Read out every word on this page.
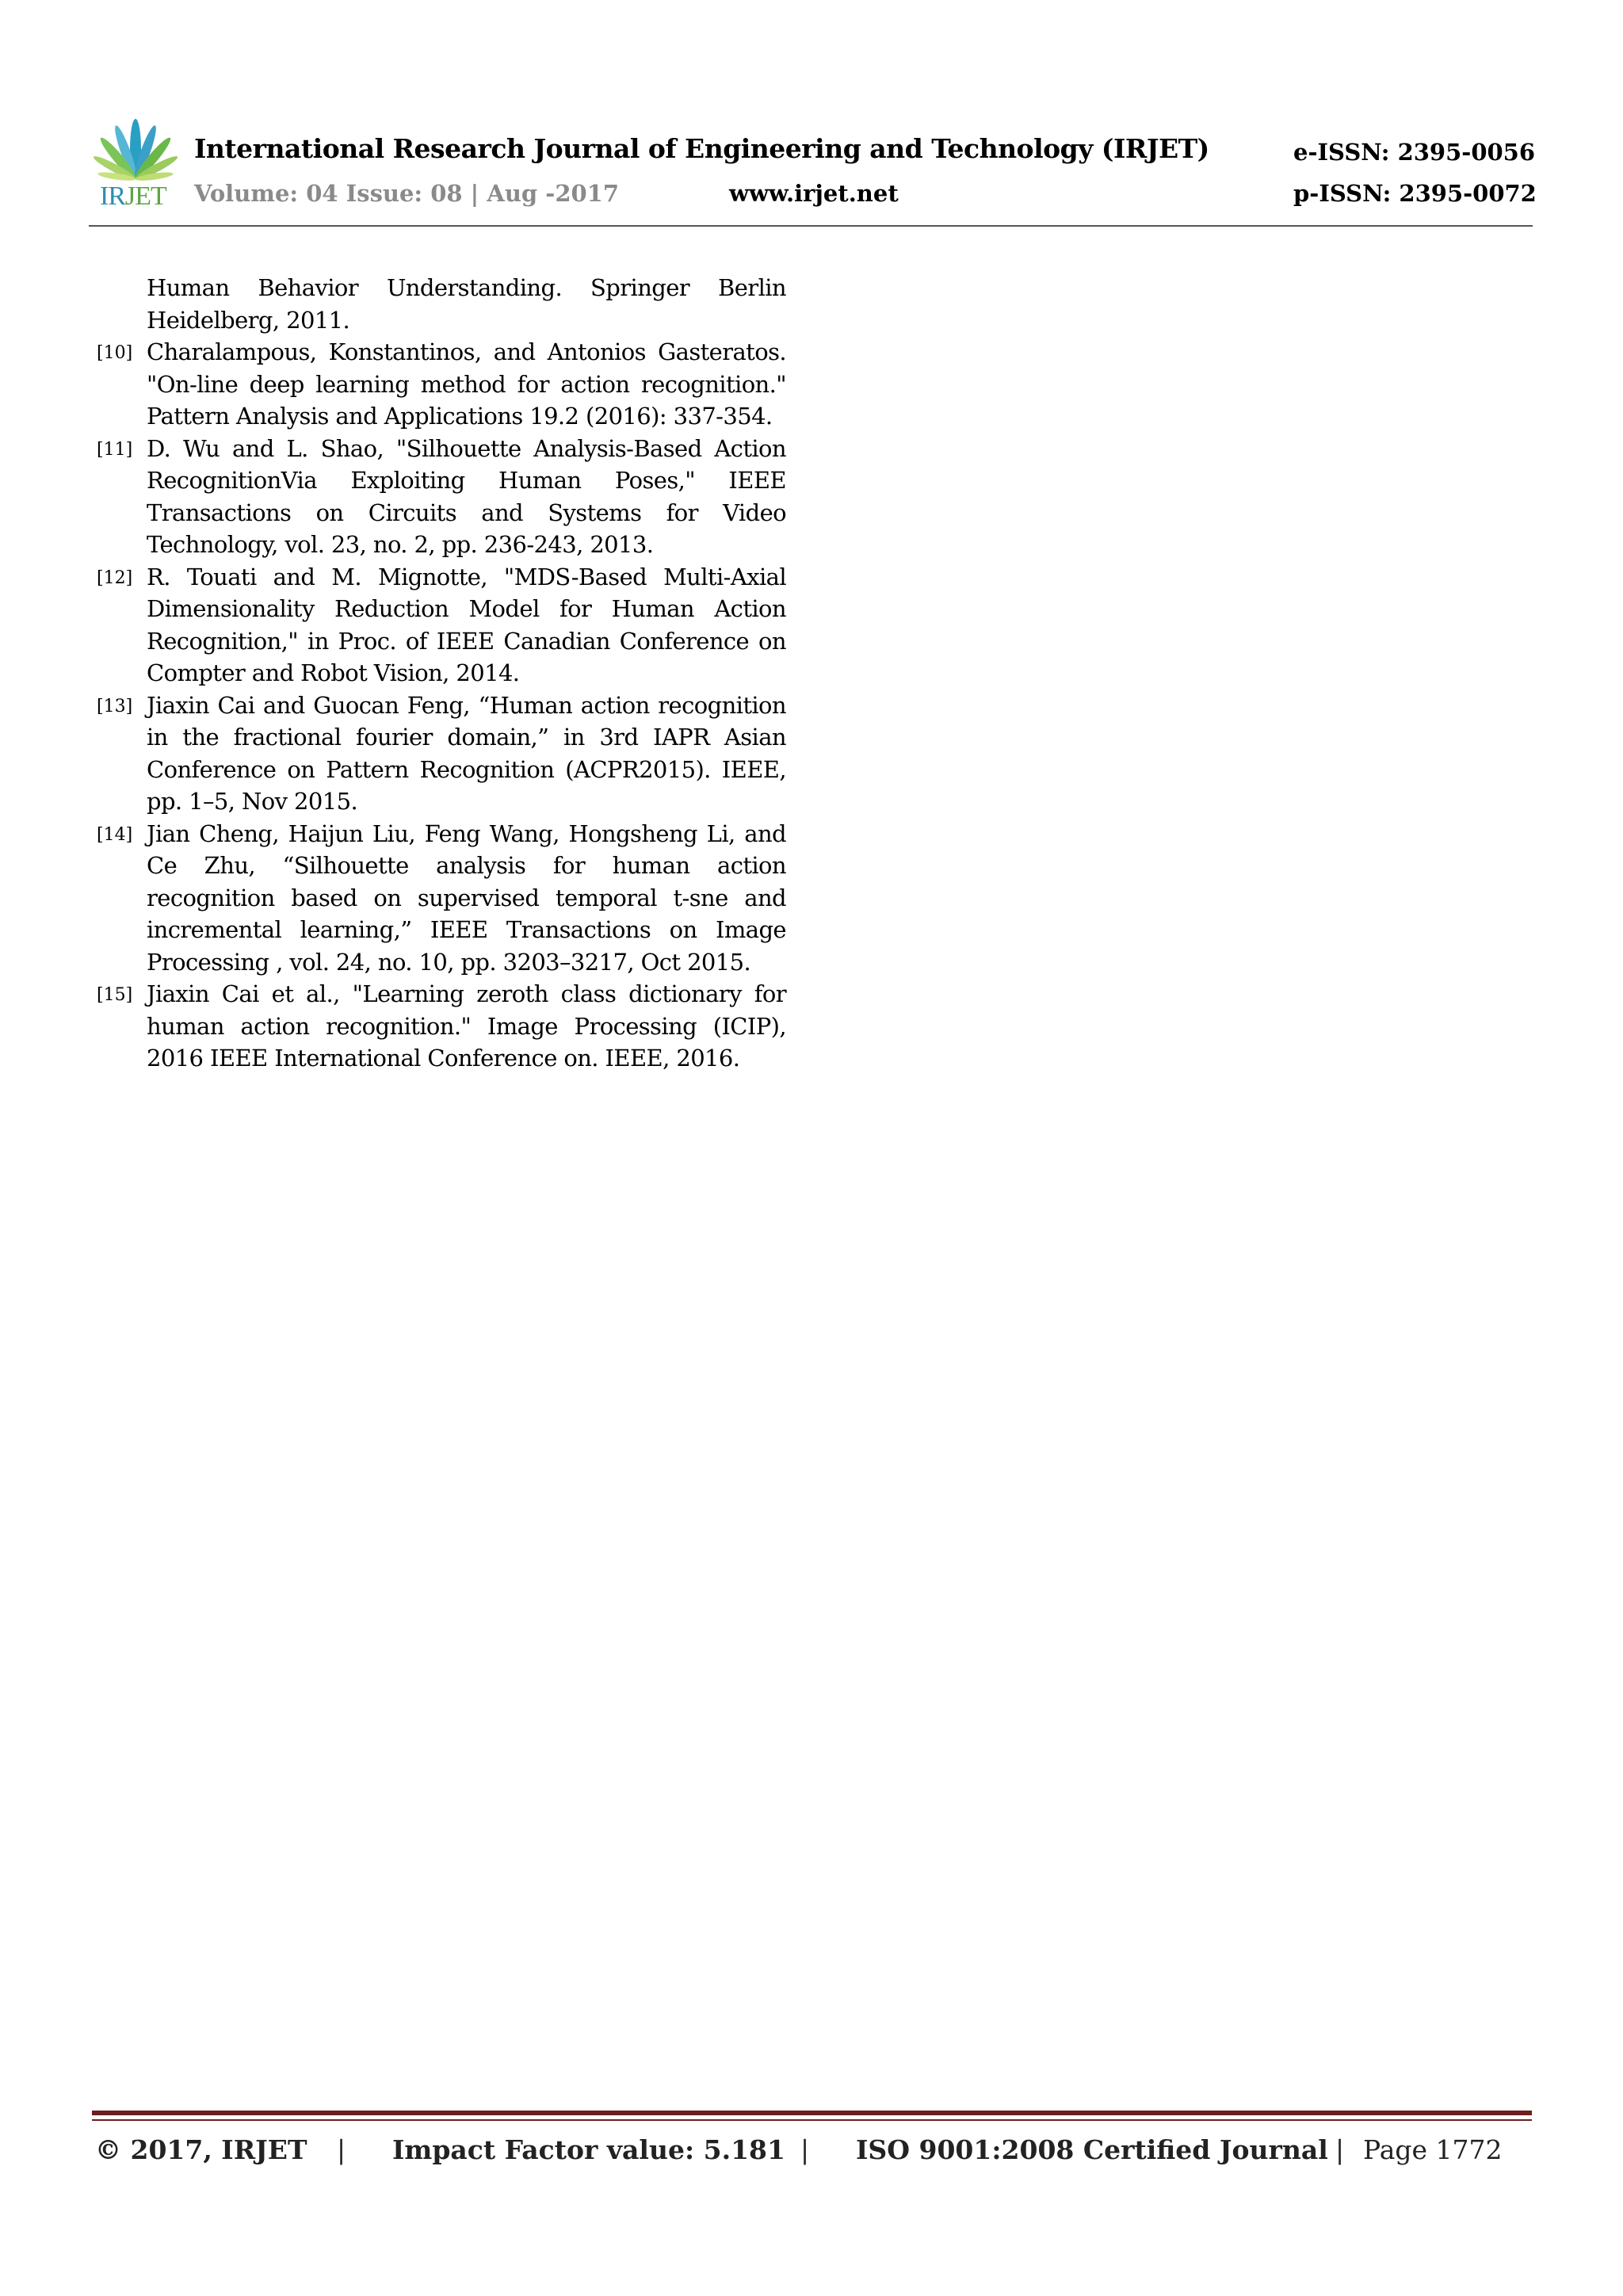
IRJET
International Research Journal of Engineering and Technology (IRJET)
Volume: 04 Issue: 08 | Aug -2017	www.irjet.net
e-ISSN: 2395-0056
p-ISSN: 2395-0072
Human Behavior Understanding. Springer Berlin Heidelberg, 2011.
[10] Charalampous, Konstantinos, and Antonios Gasteratos. "On-line deep learning method for action recognition." Pattern Analysis and Applications 19.2 (2016): 337-354.
[11] D. Wu and L. Shao, "Silhouette Analysis-Based Action RecognitionVia Exploiting Human Poses," IEEE Transactions on Circuits and Systems for Video Technology, vol. 23, no. 2, pp. 236-243, 2013.
[12] R. Touati and M. Mignotte, "MDS-Based Multi-Axial Dimensionality Reduction Model for Human Action Recognition," in Proc. of IEEE Canadian Conference on Compter and Robot Vision, 2014.
[13] Jiaxin Cai and Guocan Feng, “Human action recognition in the fractional fourier domain,” in 3rd IAPR Asian Conference on Pattern Recognition (ACPR2015). IEEE, pp. 1–5, Nov 2015.
[14] Jian Cheng, Haijun Liu, Feng Wang, Hongsheng Li, and Ce Zhu, “Silhouette analysis for human action recognition based on supervised temporal t-sne and incremental learning,” IEEE Transactions on Image Processing , vol. 24, no. 10, pp. 3203–3217, Oct 2015.
[15] Jiaxin Cai et al., "Learning zeroth class dictionary for human action recognition." Image Processing (ICIP), 2016 IEEE International Conference on. IEEE, 2016.
© 2017, IRJET | Impact Factor value: 5.181 | ISO 9001:2008 Certified Journal | Page 1772
